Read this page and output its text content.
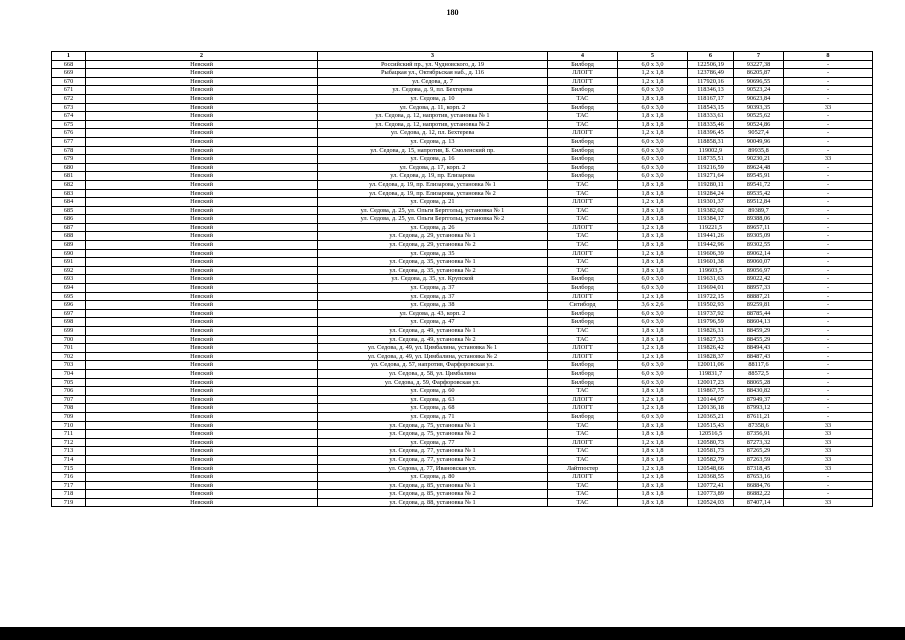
180
1	2	3	4	5	6	7	8
668	Невский	Российский пр., ул. Чудновского, д. 19	Билборд	6,0 х 3,0	122506,19	93227,38	-
669	Невский	Рыбацкая ул., Октябрьская наб., д. 116	ЛЛОГТ	1,2 х 1,8	123786,49	86205,87	-
670	Невский	ул. Седова, д. 7	ЛЛОГТ	1,2 х 1,8	117920,16	90696,55	-
671	Невский	ул. Седова, д. 9, пл. Бехтерева	Билборд	6,0 х 3,0	118346,13	90523,24	-
672	Невский	ул. Седова, д. 10	ТАС	1,8 х 1,8	118167,17	90623,84	-
673	Невский	ул. Седова, д. 11, корп. 2	Билборд	6,0 х 3,0	118543,15	90393,35	33
674	Невский	ул. Седова, д. 12, напротив, установка № 1	ТАС	1,8 х 1,8	118333,61	90525,62	-
675	Невский	ул. Седова, д. 12, напротив, установка № 2	ТАС	1,8 х 1,8	118335,46	90524,86	-
676	Невский	ул. Седова, д. 12, пл. Бехтерева	ЛЛОГТ	1,2 х 1,8	118396,45	90527,4	-
677	Невский	ул. Седова, д. 13	Билборд	6,0 х 3,0	118858,31	90049,96	-
678	Невский	ул. Седова, д. 15, напротив, Б. Смоленский пр.	Билборд	6,0 х 3,0	119002,9	89935,8	-
679	Невский	ул. Седова, д. 16	Билборд	6,0 х 3,0	118735,51	90230,21	33
680	Невский	ул. Седова, д. 17, корп. 2	Билборд	6,0 х 3,0	119216,59	89624,48	-
681	Невский	ул. Седова, д. 19, пр. Елизарова	Билборд	6,0 х 3,0	119271,64	89545,91	-
682	Невский	ул. Седова, д. 19, пр. Елизарова, установка № 1	ТАС	1,8 х 1,8	119280,11	89541,72	-
683	Невский	ул. Седова, д. 19, пр. Елизарова, установка № 2	ТАС	1,8 х 1,8	119284,24	89535,42	-
684	Невский	ул. Седова, д. 21	ЛЛОГТ	1,2 х 1,8	119301,37	89512,84	-
685	Невский	ул. Седова, д. 25, ул. Ольги Берггольц, установка № 1	ТАС	1,8 х 1,8	119382,02	89389,7	-
686	Невский	ул. Седова, д. 25, ул. Ольги Берггольц, установка № 2	ТАС	1,8 х 1,8	119384,17	89388,06	-
687	Невский	ул. Седова, д. 26	ЛЛОГТ	1,2 х 1,8	119221,5	89657,11	-
688	Невский	ул. Седова, д. 29, установка № 1	ТАС	1,8 х 1,8	119441,26	89305,09	-
689	Невский	ул. Седова, д. 29, установка № 2	ТАС	1,8 х 1,8	119442,96	89302,55	-
690	Невский	ул. Седова, д. 35	ЛЛОГТ	1,2 х 1,8	119606,39	89062,14	-
691	Невский	ул. Седова, д. 35, установка № 1	ТАС	1,8 х 1,8	119601,38	89060,07	-
692	Невский	ул. Седова, д. 35, установка № 2	ТАС	1,8 х 1,8	119603,5	89056,97	-
693	Невский	ул. Седова, д. 35, ул. Крупской	Билборд	6,0 х 3,0	119631,63	89022,42	-
694	Невский	ул. Седова, д. 37	Билборд	6,0 х 3,0	119694,01	88957,33	-
695	Невский	ул. Седова, д. 37	ЛЛОГТ	1,2 х 1,8	119722,15	88887,21	-
696	Невский	ул. Седова, д. 38	Ситиборд	3,6 х 2,6	119502,93	89259,81	-
697	Невский	ул. Седова, д. 43, корп. 2	Билборд	6,0 х 3,0	119737,92	88785,44	-
698	Невский	ул. Седова, д. 47	Билборд	6,0 х 3,0	119796,59	88604,13	-
699	Невский	ул. Седова, д. 49, установка № 1	ТАС	1,8 х 1,8	119826,31	88459,29	-
700	Невский	ул. Седова, д. 49, установка № 2	ТАС	1,8 х 1,8	119827,33	88455,29	-
701	Невский	ул. Седова, д. 49, ул. Цимбалина, установка № 1	ЛЛОГТ	1,2 х 1,8	119826,42	88494,43	-
702	Невский	ул. Седова, д. 49, ул. Цимбалина, установка № 2	ЛЛОГТ	1,2 х 1,8	119828,37	88487,43	-
703	Невский	ул. Седова, д. 57, напротив, Фарфоровская ул.	Билборд	6,0 х 3,0	120011,06	88117,6	-
704	Невский	ул. Седова, д. 58, ул. Цимбалина	Билборд	6,0 х 3,0	119831,7	88572,5	-
705	Невский	ул. Седова, д. 59, Фарфоровская ул.	Билборд	6,0 х 3,0	120017,23	88065,28	-
706	Невский	ул. Седова, д. 60	ТАС	1,8 х 1,8	119867,75	88430,82	-
707	Невский	ул. Седова, д. 63	ЛЛОГТ	1,2 х 1,8	120144,97	87949,37	-
708	Невский	ул. Седова, д. 68	ЛЛОГТ	1,2 х 1,8	120136,18	87993,12	-
709	Невский	ул. Седова, д. 71	Билборд	6,0 х 3,0	120365,21	87611,21	-
710	Невский	ул. Седова, д. 75, установка № 1	ТАС	1,8 х 1,8	120515,43	87358,6	33
711	Невский	ул. Седова, д. 75, установка № 2	ТАС	1,8 х 1,8	120516,5	87356,91	33
712	Невский	ул. Седова, д. 77	ЛЛОГТ	1,2 х 1,8	120580,73	87273,32	33
713	Невский	ул. Седова, д. 77, установка № 1	ТАС	1,8 х 1,8	120581,73	87265,29	33
714	Невский	ул. Седова, д. 77, установка № 2	ТАС	1,8 х 1,8	120582,79	87263,59	33
715	Невский	ул. Седова, д. 77, Ивановская ул.	Лайтпостер	1,2 х 1,8	120548,66	87318,45	33
716	Невский	ул. Седова, д. 80	ЛЛОГТ	1,2 х 1,8	120368,55	87653,16	-
717	Невский	ул. Седова, д. 85, установка № 1	ТАС	1,8 х 1,8	120772,41	86884,76	-
718	Невский	ул. Седова, д. 85, установка № 2	ТАС	1,8 х 1,8	120773,89	86882,22	-
719	Невский	ул. Седова, д. 88, установка № 1	ТАС	1,8 х 1,8	120524,03	87407,14	33
